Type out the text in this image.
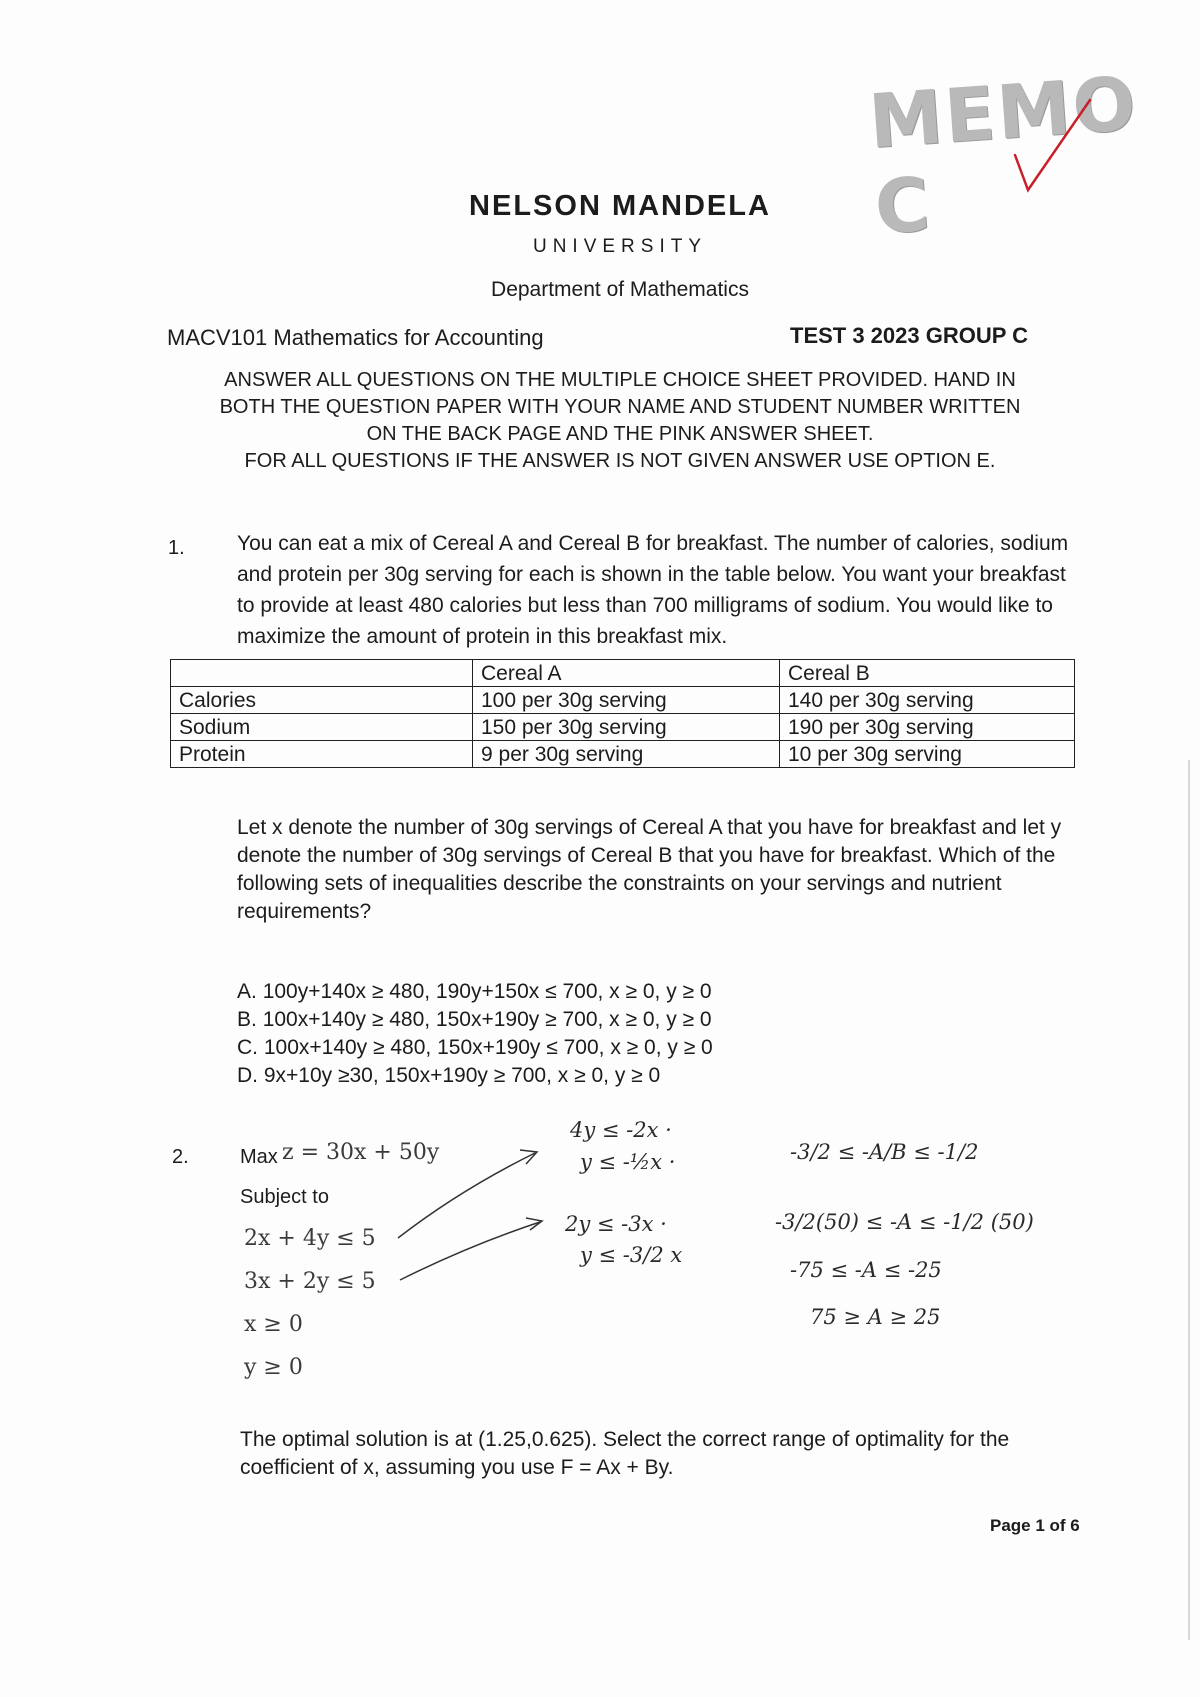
MEMO C
NELSON MANDELA
UNIVERSITY
Department of Mathematics
MACV101 Mathematics for Accounting	TEST 3 2023 GROUP C
ANSWER ALL QUESTIONS ON THE MULTIPLE CHOICE SHEET PROVIDED. HAND IN
BOTH THE QUESTION PAPER WITH YOUR NAME AND STUDENT NUMBER WRITTEN
ON THE BACK PAGE AND THE PINK ANSWER SHEET.
FOR ALL QUESTIONS IF THE ANSWER IS NOT GIVEN ANSWER USE OPTION E.
1. You can eat a mix of Cereal A and Cereal B for breakfast. The number of calories, sodium and protein per 30g serving for each is shown in the table below. You want your breakfast to provide at least 480 calories but less than 700 milligrams of sodium. You would like to maximize the amount of protein in this breakfast mix.
	Cereal A	Cereal B
Calories	100 per 30g serving	140 per 30g serving
Sodium	150 per 30g serving	190 per 30g serving
Protein	9 per 30g serving	10 per 30g serving
Let x denote the number of 30g servings of Cereal A that you have for breakfast and let y denote the number of 30g servings of Cereal B that you have for breakfast. Which of the following sets of inequalities describe the constraints on your servings and nutrient requirements?
A. 100y+140x ≥ 480, 190y+150x ≤ 700, x ≥ 0, y ≥ 0
B. 100x+140y ≥ 480, 150x+190y ≥ 700, x ≥ 0, y ≥ 0
C. 100x+140y ≥ 480, 150x+190y ≤ 700, x ≥ 0, y ≥ 0
D. 9x+10y ≥30, 150x+190y ≥ 700, x ≥ 0, y ≥ 0
2.	Max z = 30x + 50y
Subject to
2x + 4y ≤ 5
3x + 2y ≤ 5
x ≥ 0
y ≥ 0
4y ≤ -2x ·
y ≤ -½x ·
2y ≤ -3x ·
y ≤ -3/2 x
-3/2 ≤ -A/B ≤ -1/2
-3/2(50) ≤ -A ≤ -1/2 (50)
-75 ≤ -A ≤ -25
75 ≥ A ≥ 25
The optimal solution is at (1.25,0.625). Select the correct range of optimality for the coefficient of x, assuming you use F = Ax + By.
Page 1 of 6
